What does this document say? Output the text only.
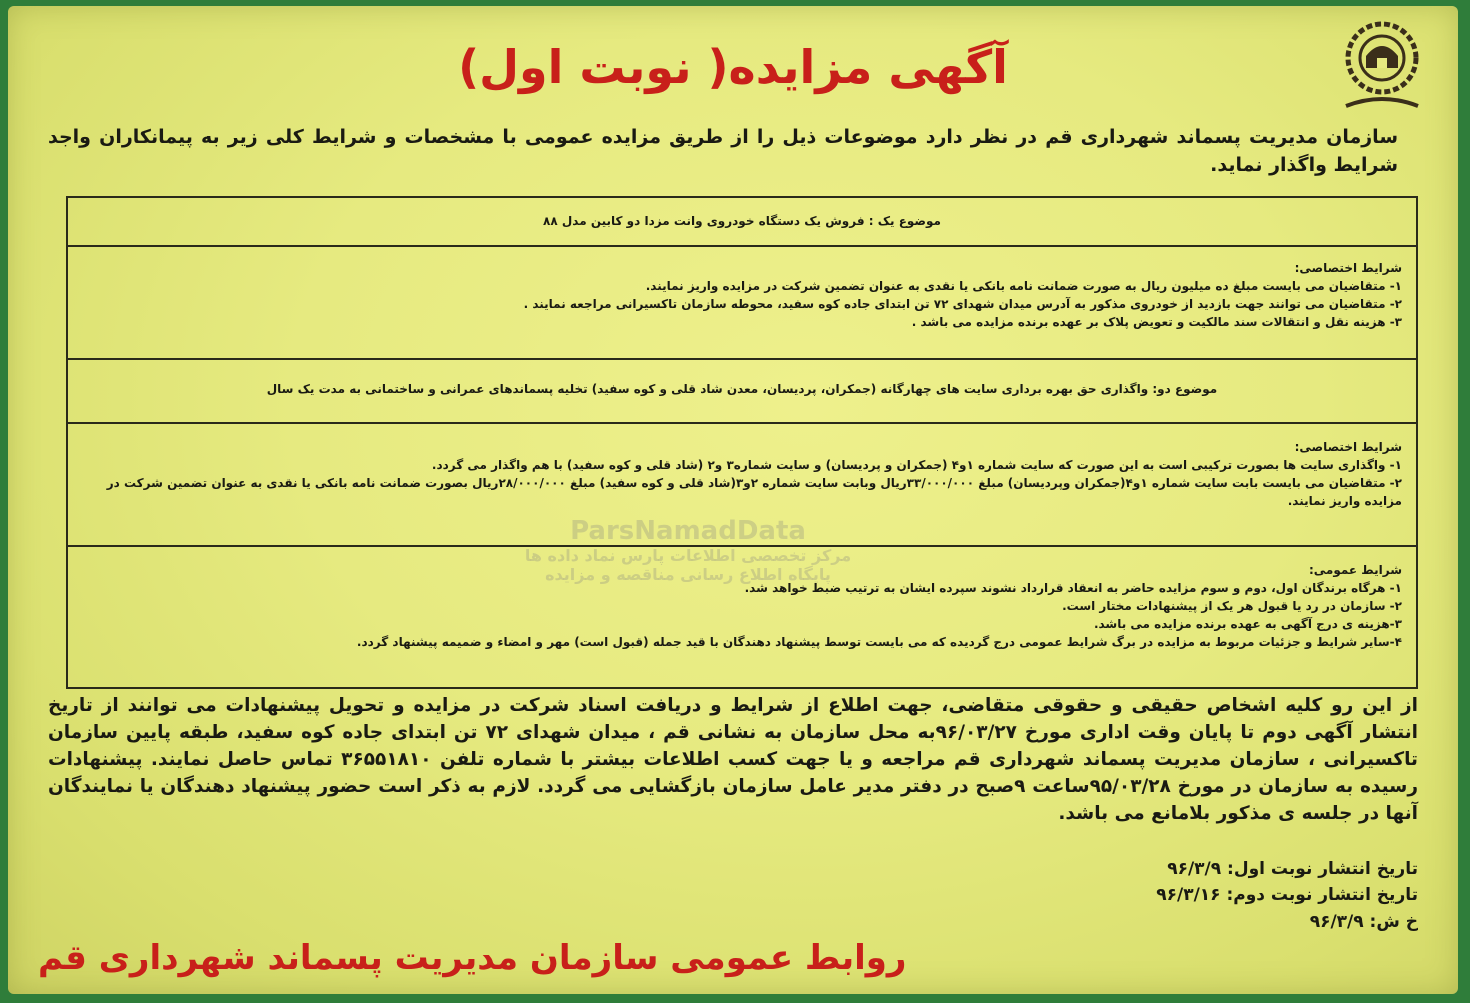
آگهی مزایده( نوبت اول)
سازمان مدیریت پسماند شهرداری قم در نظر دارد موضوعات ذیل را از طریق مزایده عمومی با مشخصات و شرایط کلی زیر به پیمانکاران واجد شرایط واگذار نماید.

موضوع یک : فروش یک دستگاه خودروی وانت مزدا دو کابین مدل ۸۸

شرایط اختصاصی:

۱- متقاضیان می بایست مبلغ ده میلیون ریال به صورت ضمانت نامه بانکی یا نقدی به عنوان تضمین شرکت در مزایده واریز نمایند.

۲- متقاضیان می توانند جهت بازدید از خودروی مذکور به آدرس میدان شهدای ۷۲ تن ابتدای جاده کوه سفید، محوطه سازمان تاکسیرانی مراجعه نمایند .

۳- هزینه نقل و انتقالات سند مالکیت و تعویض پلاک بر عهده برنده مزایده می باشد .

موضوع دو: واگذاری حق بهره برداری سایت های چهارگانه (جمکران، پردیسان، معدن شاد قلی و کوه سفید) تخلیه پسماندهای عمرانی و ساختمانی به مدت یک سال

شرایط اختصاصی:

۱- واگذاری سایت ها بصورت ترکیبی است به این صورت که سایت شماره ۱و۴ (جمکران و پردیسان) و سایت شماره۳ و۲ (شاد قلی و کوه سفید) با هم واگذار می گردد.

۲- متقاضیان می بایست بابت سایت شماره ۱و۴(جمکران وپردیسان) مبلغ ۳۳/۰۰۰/۰۰۰ریال وبابت سایت شماره ۲و۳(شاد قلی و کوه سفید) مبلغ ۲۸/۰۰۰/۰۰۰ریال بصورت ضمانت نامه بانکی یا نقدی به عنوان تضمین شرکت در مزایده واریز نمایند.

شرایط عمومی:

۱- هرگاه برندگان اول، دوم و سوم مزایده حاضر به انعقاد قرارداد نشوند سپرده ایشان به ترتیب ضبط خواهد شد.

۲- سازمان در رد یا قبول هر یک از پیشنهادات مختار است.

۳-هزینه ی درج آگهی به عهده برنده مزایده می باشد.

۴-سایر شرایط و جزئیات مربوط به مزایده در برگ شرایط عمومی درج گردیده که می بایست توسط پیشنهاد دهندگان با قید جمله (قبول است) مهر و امضاء و ضمیمه پیشنهاد گردد.

ParsNamadData
مرکز تخصصی اطلاعات پارس نماد داده ها
پایگاه اطلاع رسانی مناقصه و مزایده
از این رو کلیه اشخاص حقیقی و حقوقی متقاضی، جهت اطلاع از شرایط و دریافت اسناد شرکت در مزایده و تحویل پیشنهادات می توانند از تاریخ انتشار آگهی دوم تا پایان وقت اداری مورخ ۹۶/۰۳/۲۷به محل سازمان به نشانی قم ، میدان شهدای ۷۲ تن ابتدای جاده کوه سفید، طبقه پایین سازمان تاکسیرانی ، سازمان مدیریت پسماند شهرداری قم مراجعه و یا جهت کسب اطلاعات بیشتر با شماره تلفن ۳۶۵۵۱۸۱۰ تماس حاصل نمایند. پیشنهادات رسیده به سازمان در مورخ ۹۵/۰۳/۲۸ساعت ۹صبح در دفتر مدیر عامل سازمان بازگشایی می گردد. لازم به ذکر است حضور پیشنهاد دهندگان یا نمایندگان آنها در جلسه ی مذکور بلامانع می باشد.
تاریخ انتشار نوبت اول: ۹۶/۳/۹
تاریخ انتشار نوبت دوم: ۹۶/۳/۱۶
خ ش: ۹۶/۳/۹
روابط عمومی سازمان مدیریت پسماند شهرداری قم
